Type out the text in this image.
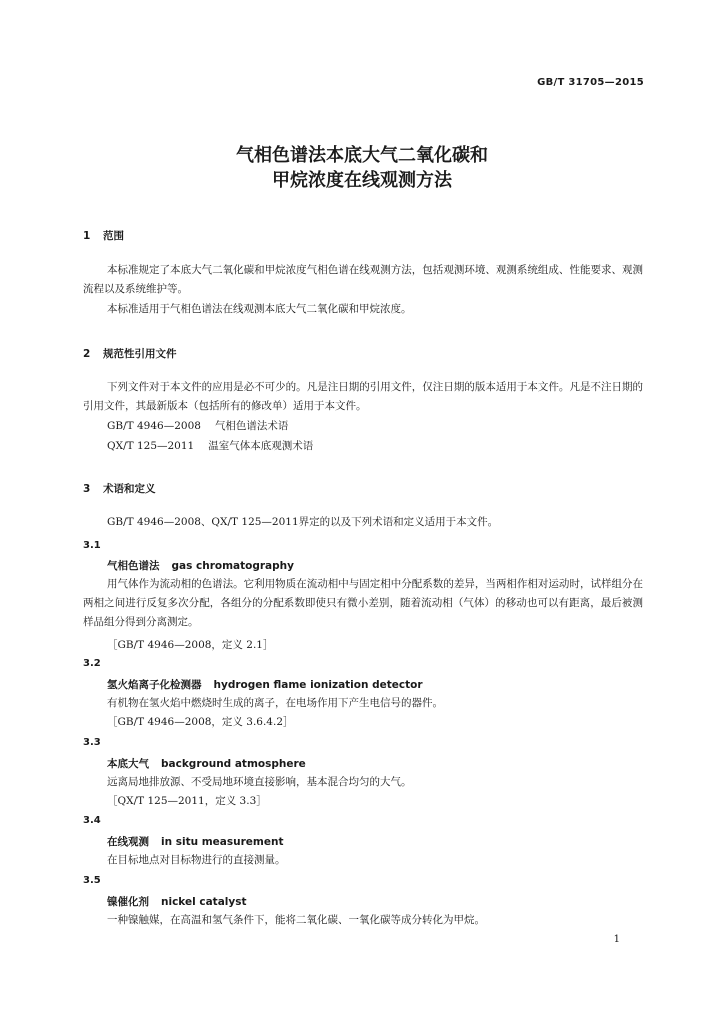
GB/T 31705—2015
气相色谱法本底大气二氧化碳和
甲烷浓度在线观测方法
1 范围
本标准规定了本底大气二氧化碳和甲烷浓度气相色谱在线观测方法，包括观测环境、观测系统组成、性能要求、观测流程以及系统维护等。
本标准适用于气相色谱法在线观测本底大气二氧化碳和甲烷浓度。
2 规范性引用文件
下列文件对于本文件的应用是必不可少的。凡是注日期的引用文件，仅注日期的版本适用于本文件。凡是不注日期的引用文件，其最新版本（包括所有的修改单）适用于本文件。
GB/T 4946—2008 气相色谱法术语
QX/T 125—2011 温室气体本底观测术语
3 术语和定义
GB/T 4946—2008、QX/T 125—2011界定的以及下列术语和定义适用于本文件。
3.1
气相色谱法 gas chromatography
用气体作为流动相的色谱法。它利用物质在流动相中与固定相中分配系数的差异，当两相作相对运动时，试样组分在两相之间进行反复多次分配，各组分的分配系数即使只有微小差别，随着流动相（气体）的移动也可以有距离，最后被测样品组分得到分离测定。
［GB/T 4946—2008，定义 2.1］
3.2
氢火焰离子化检测器 hydrogen flame ionization detector
有机物在氢火焰中燃烧时生成的离子，在电场作用下产生电信号的器件。
［GB/T 4946—2008，定义 3.6.4.2］
3.3
本底大气 background atmosphere
远离局地排放源、不受局地环境直接影响，基本混合均匀的大气。
［QX/T 125—2011，定义 3.3］
3.4
在线观测 in situ measurement
在目标地点对目标物进行的直接测量。
3.5
镍催化剂 nickel catalyst
一种镍触媒，在高温和氢气条件下，能将二氧化碳、一氧化碳等成分转化为甲烷。
1
